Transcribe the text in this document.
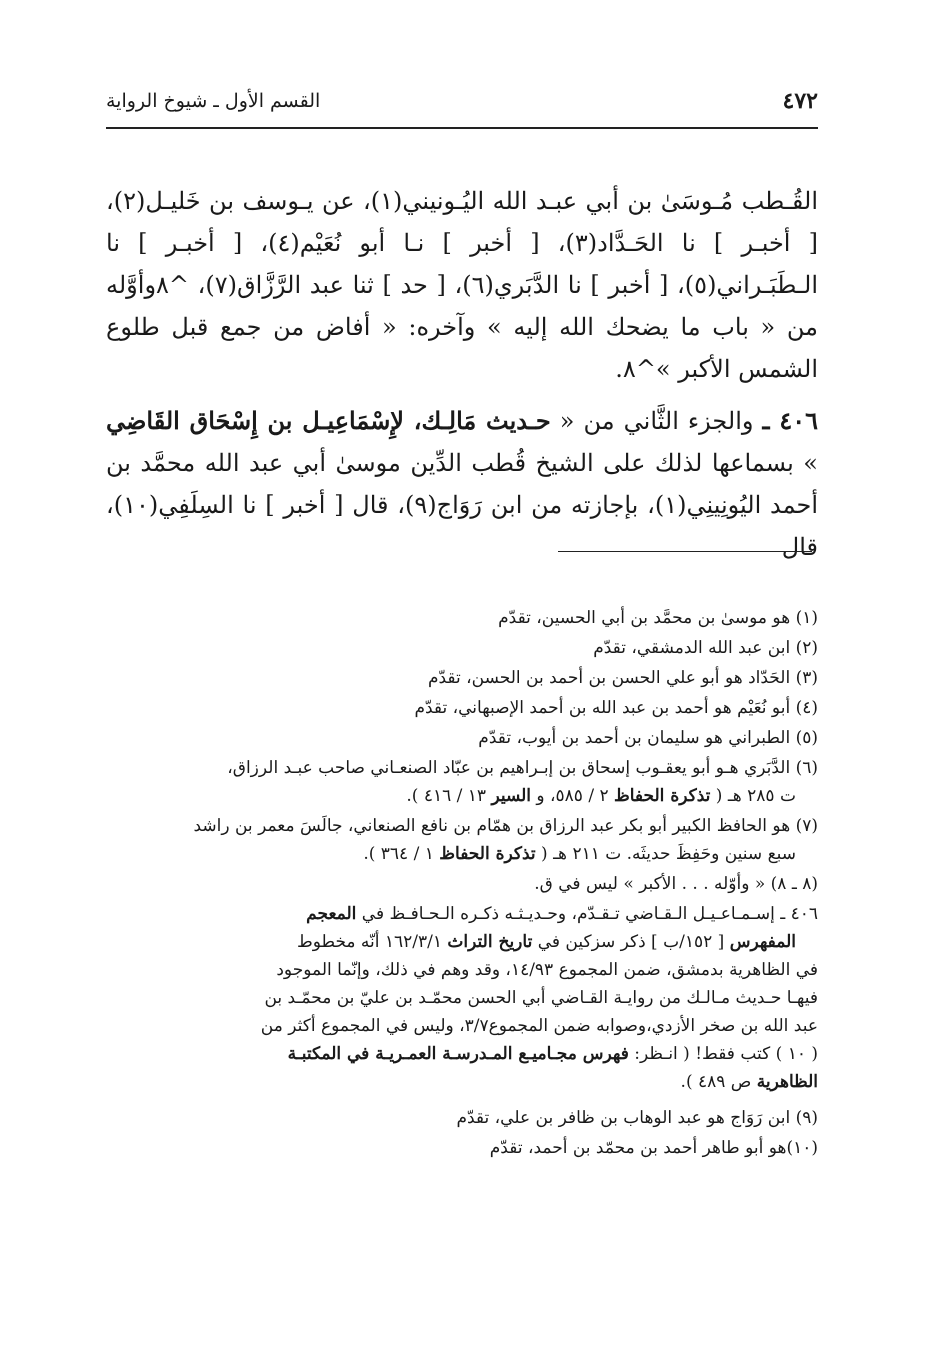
٤٧٢
القسم الأول ـ شيوخ الرواية

القُـطب مُـوسَىٰ بن أبي عبـد الله اليُـونيني(١)، عن يـوسف بن خَليـل(٢)، [ أخبـر ] نا الحَـدَّاد(٣)، [ أخبر ] نـا أبو نُعَيْم(٤)، [ أخبـر ] نا الـطَبَـراني(٥)، [ أخبر ] نا الدَّبَري(٦)، [ حد ] ثنا عبد الرَّزَّاق(٧)، ^٨وأوَّله من « باب ما يضحك الله إليه » وآخره: « أفاض من جمع قبل طلوع الشمس الأكبر »^٨.

٤٠٦ ـ والجزء الثَّاني من « حـديث مَالِـك، لإِسْمَاعِيـل بن إِسْحَاق القَاضِي » بسماعها لذلك على الشيخ قُطب الدِّين موسىٰ أبي عبد الله محمَّد بن أحمد اليُونِينِي(١)، بإجازته من ابن رَوَاج(٩)، قال [ أخبر ] نا السِلَفِي(١٠)، قال

(١) هو موسىٰ بن محمَّد بن أبي الحسين، تقدّم

(٢) ابن عبد الله الدمشقي، تقدّم

(٣) الحَدّاد هو أبو علي الحسن بن أحمد بن الحسن، تقدّم

(٤) أبو نُعَيْم هو أحمد بن عبد الله بن أحمد الإصبهاني، تقدّم

(٥) الطبراني هو سليمان بن أحمد بن أيوب، تقدّم

(٦) الدَّبَري هـو أبو يعقـوب إسحاق بن إبـراهيم بن عبّاد الصنعـاني صاحب عبـد الرزاق،
ت ٢٨٥ هـ ( تذكرة الحفاظ ٢ / ٥٨٥، و السير ١٣ / ٤١٦ ).

(٧) هو الحافظ الكبير أبو بكر عبد الرزاق بن همّام بن نافع الصنعاني، جالَسَ معمر بن راشد
سبع سنين وحَفِظَ حديثَه. ت ٢١١ هـ ( تذكرة الحفاظ ١ / ٣٦٤ ).

(٨ ـ ٨) « وأوّله . . . الأكبر » ليس في ق.

٤٠٦ ـ إسـمـاعـيـل الـقـاضي تـقـدّم، وحـديـثـه ذكـره الـحـافـظ في المعجم
المفهرس [ ١٥٢/ب ] ذكر سزكين في تاريخ التراث ١٦٢/٣/١ أنّه مخطوط
في الظاهرية بدمشق، ضمن المجموع ١٤/٩٣، وقد وهم في ذلك، وإنّما الموجود
فيهـا حـديث مـالـك من روايـة القـاضي أبي الحسن محمّـد بن عليّ بن محمّـد بن
عبد الله بن صخر الأزدي،وصوابه ضمن المجموع٣/٧، وليس في المجموع أكثر من
( ١٠ ) كتب فقط! ( انـظر: فهرس مجـاميـع المـدرسـة العمـريـة في المكتبـة
الظاهرية ص ٤٨٩ ).

(٩) ابن رَوَاج هو عبد الوهاب بن ظافر بن علي، تقدّم

(١٠)هو أبو طاهر أحمد بن محمّد بن أحمد، تقدّم
